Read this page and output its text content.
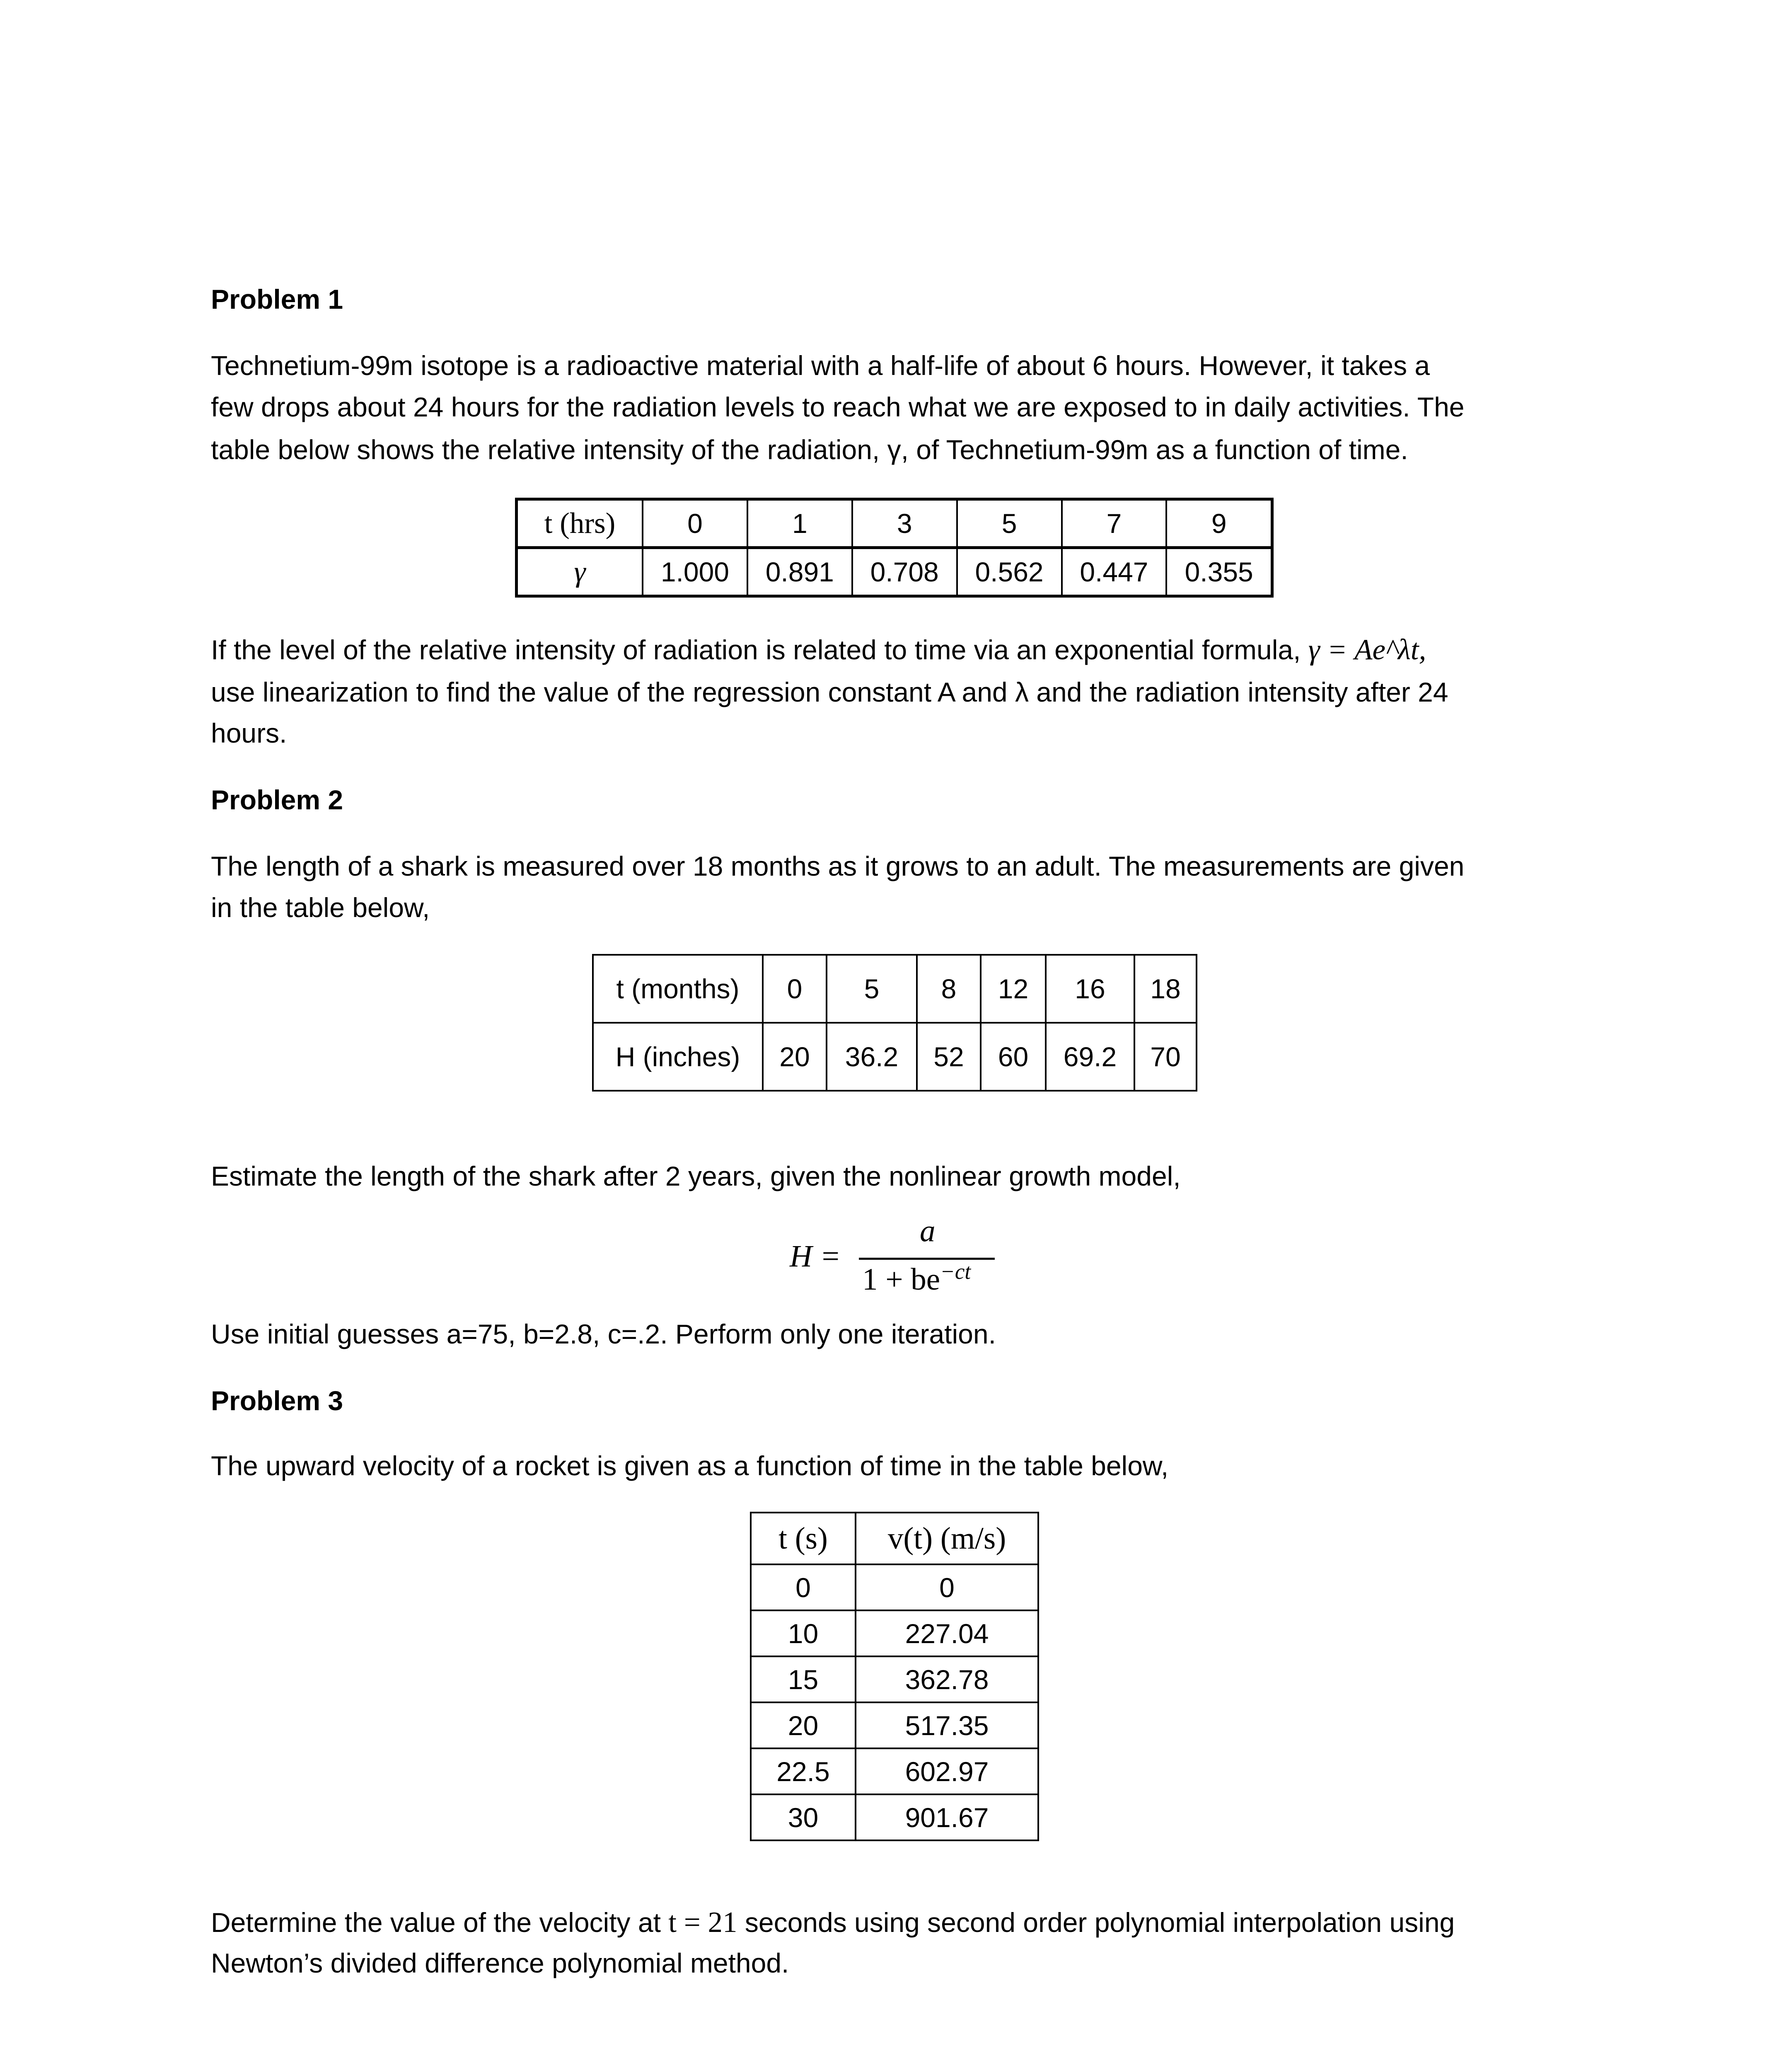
Problem 1
Technetium-99m isotope is a radioactive material with a half-life of about 6 hours. However, it takes a
few drops about 24 hours for the radiation levels to reach what we are exposed to in daily activities. The
table below shows the relative intensity of the radiation, γ, of Technetium-99m as a function of time.
t (hrs)	0	1	3	5	7	9
γ	1.000	0.891	0.708	0.562	0.447	0.355
If the level of the relative intensity of radiation is related to time via an exponential formula, γ = Ae^λt,
use linearization to find the value of the regression constant A and λ and the radiation intensity after 24
hours.
Problem 2
The length of a shark is measured over 18 months as it grows to an adult. The measurements are given
in the table below,
t (months)	0	5	8	12	16	18
H (inches)	20	36.2	52	60	69.2	70
Estimate the length of the shark after 2 years, given the nonlinear growth model,
H =
a
$1 + be^{-ct}$
Use initial guesses a=75, b=2.8, c=.2. Perform only one iteration.
Problem 3
The upward velocity of a rocket is given as a function of time in the table below,
t (s)	v(t) (m/s)
0	0
10	227.04
15	362.78
20	517.35
22.5	602.97
30	901.67
Determine the value of the velocity at t = 21 seconds using second order polynomial interpolation using
Newton’s divided difference polynomial method.
